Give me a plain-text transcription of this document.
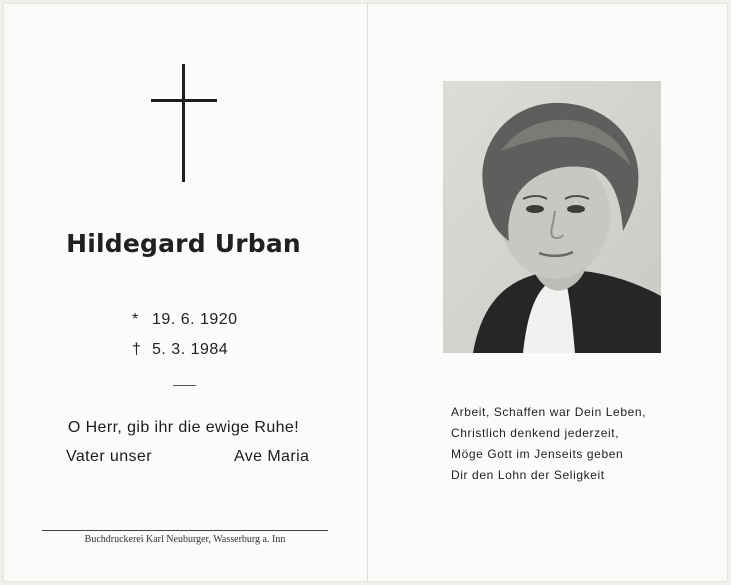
Hildegard Urban
* 19. 6. 1920
† 5. 3. 1984
O Herr, gib ihr die ewige Ruhe!
Vater unser	Ave Maria
Buchdruckerei Karl Neuburger, Wasserburg a. Inn
Arbeit, Schaffen war Dein Leben,
Christlich denkend jederzeit,
Möge Gott im Jenseits geben
Dir den Lohn der Seligkeit
